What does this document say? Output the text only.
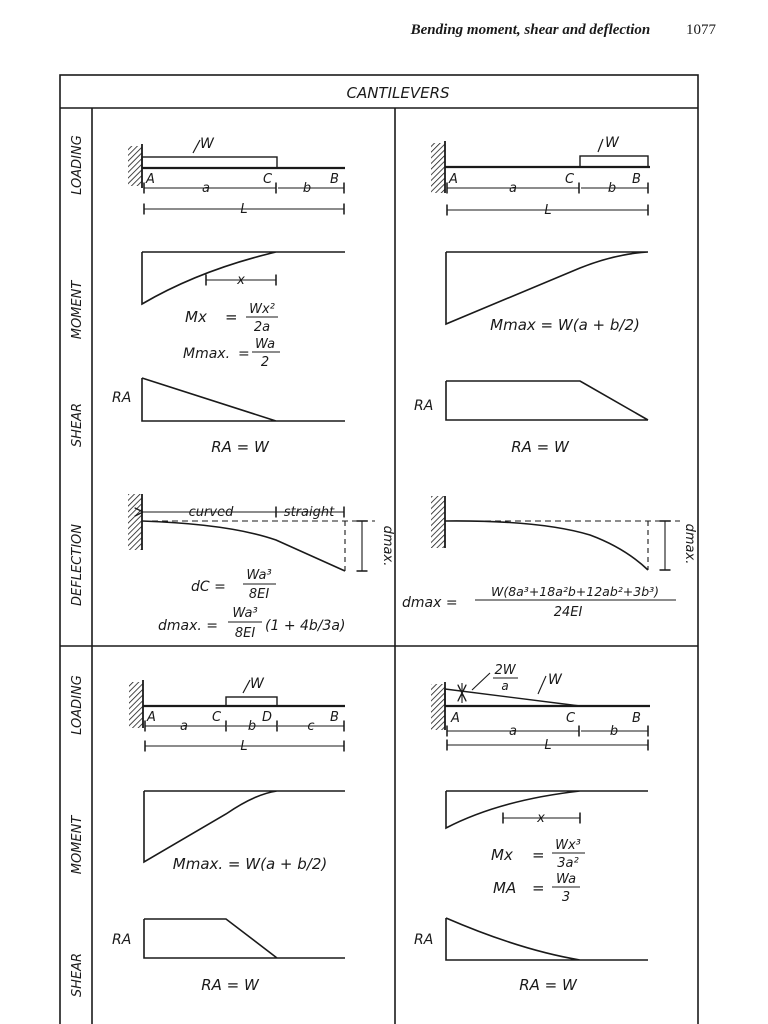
Bending moment, shear and deflection 1077
CANTILEVERS
LOADING
MOMENT
SHEAR
DEFLECTION
LOADING
MOMENT
SHEAR
W
A	C	B
a	b
L
x
Mx = Wx²
2a
Mmax. =
Wa
2
RA
RA = W
curved	straight
dmax.
dC =
Wa³
8EI
dmax. =
Wa³
8EI (1 + 4b/3a)
W
A	C	B
a	b
L
Mmax = W(a + b/2)
RA
RA = W
dmax.
dmax =
W(8a³+18a²b+12ab²+3b³)
24EI
W
A	C	D	B
a	b	c
L
Mmax. = W(a + b/2)
RA
RA = W
2W
a	W
A	C	B
a	b
L
x
Mx =
Wx³
3a²
MA = Wa
3
RA
RA = W
